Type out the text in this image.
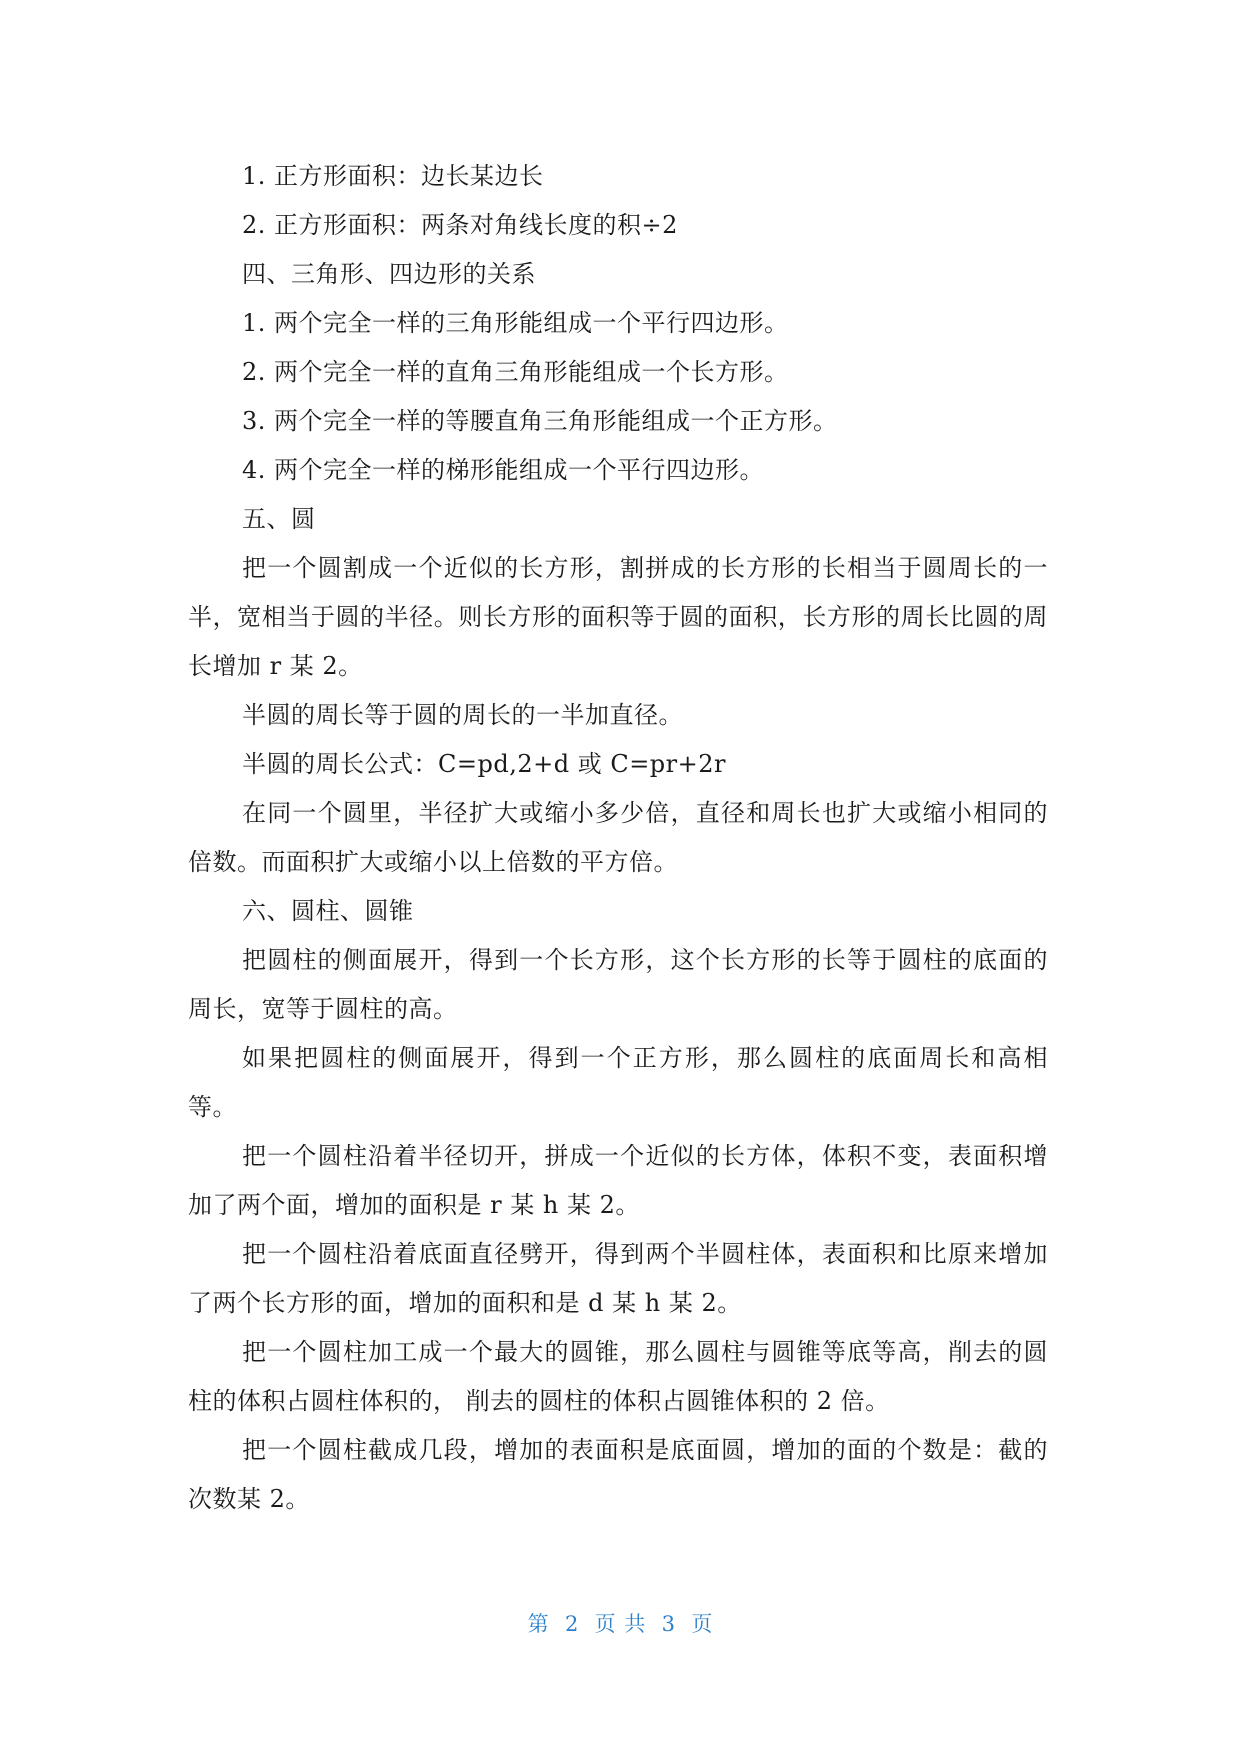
1. 正方形面积：边长某边长

2. 正方形面积：两条对角线长度的积÷2

四、三角形、四边形的关系

1. 两个完全一样的三角形能组成一个平行四边形。

2. 两个完全一样的直角三角形能组成一个长方形。

3. 两个完全一样的等腰直角三角形能组成一个正方形。

4. 两个完全一样的梯形能组成一个平行四边形。

五、圆

把一个圆割成一个近似的长方形，割拼成的长方形的长相当于圆周长的一半，宽相当于圆的半径。则长方形的面积等于圆的面积，长方形的周长比圆的周长增加 r 某 2。

半圆的周长等于圆的周长的一半加直径。

半圆的周长公式：C=pd,2+d 或 C=pr+2r

在同一个圆里，半径扩大或缩小多少倍，直径和周长也扩大或缩小相同的倍数。而面积扩大或缩小以上倍数的平方倍。

六、圆柱、圆锥

把圆柱的侧面展开，得到一个长方形，这个长方形的长等于圆柱的底面的周长，宽等于圆柱的高。

如果把圆柱的侧面展开，得到一个正方形，那么圆柱的底面周长和高相等。

把一个圆柱沿着半径切开，拼成一个近似的长方体，体积不变，表面积增加了两个面，增加的面积是 r 某 h 某 2。

把一个圆柱沿着底面直径劈开，得到两个半圆柱体，表面积和比原来增加了两个长方形的面，增加的面积和是 d 某 h 某 2。

把一个圆柱加工成一个最大的圆锥，那么圆柱与圆锥等底等高，削去的圆柱的体积占圆柱体积的， 削去的圆柱的体积占圆锥体积的 2 倍。

把一个圆柱截成几段，增加的表面积是底面圆，增加的面的个数是：截的次数某 2。

第  2  页 共  3  页
